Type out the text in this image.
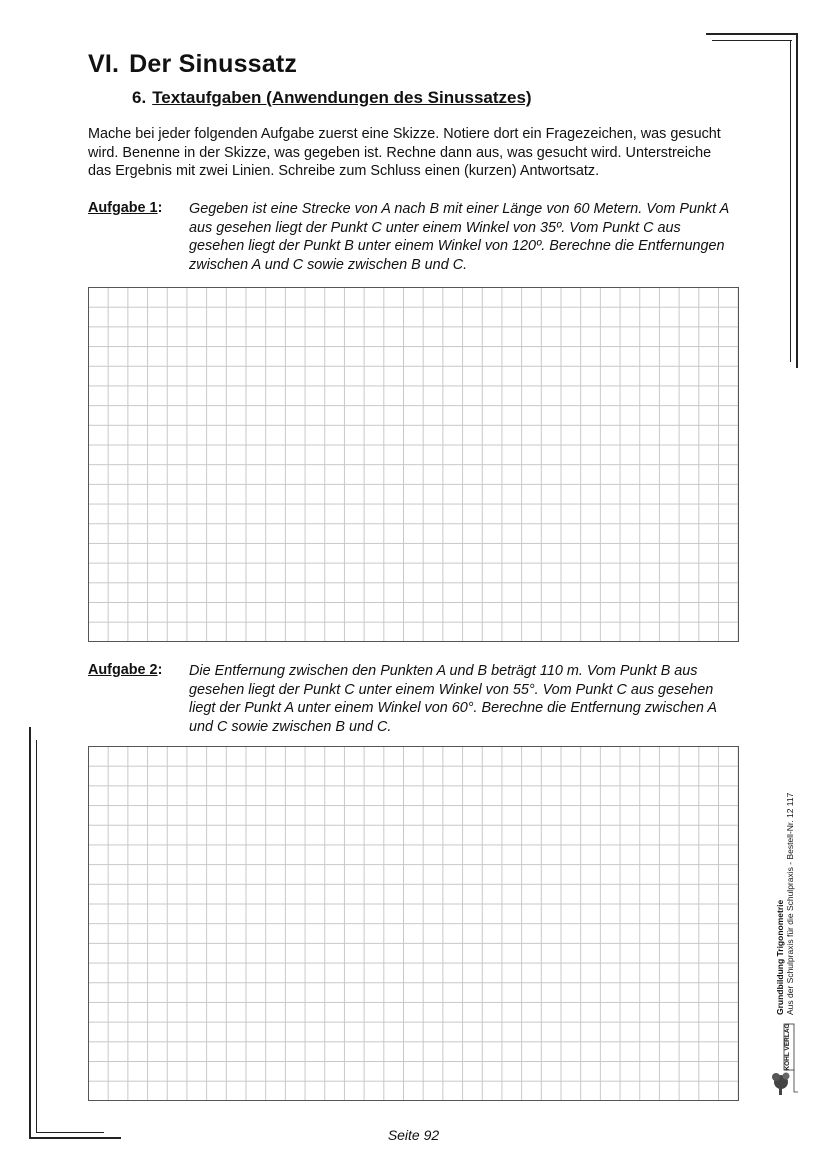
VI. Der Sinussatz
6. Textaufgaben (Anwendungen des Sinussatzes)

Mache bei jeder folgenden Aufgabe zuerst eine Skizze. Notiere dort ein Fragezeichen, was gesucht wird. Benenne in der Skizze, was gegeben ist. Rechne dann aus, was gesucht wird. Unterstreiche das Ergebnis mit zwei Linien. Schreibe zum Schluss einen (kurzen) Antwortsatz.

Aufgabe 1: Gegeben ist eine Strecke von A nach B mit einer Länge von 60 Metern. Vom Punkt A aus gesehen liegt der Punkt C unter einem Winkel von 35º. Vom Punkt C aus gesehen liegt der Punkt B unter einem Winkel von 120º. Berechne die Entfernungen zwischen A und C sowie zwischen B und C.

Aufgabe 2: Die Entfernung zwischen den Punkten A und B beträgt 110 m. Vom Punkt B aus gesehen liegt der Punkt C unter einem Winkel von 55°. Vom Punkt C aus gesehen liegt der Punkt A unter einem Winkel von 60°. Berechne die Entfernung zwischen A und C sowie zwischen B und C.

Grundbildung Trigonometrie Aus der Schulpraxis für die Schulpraxis - Bestell-Nr. 12 117
KOHL VERLAG
Seite 92
